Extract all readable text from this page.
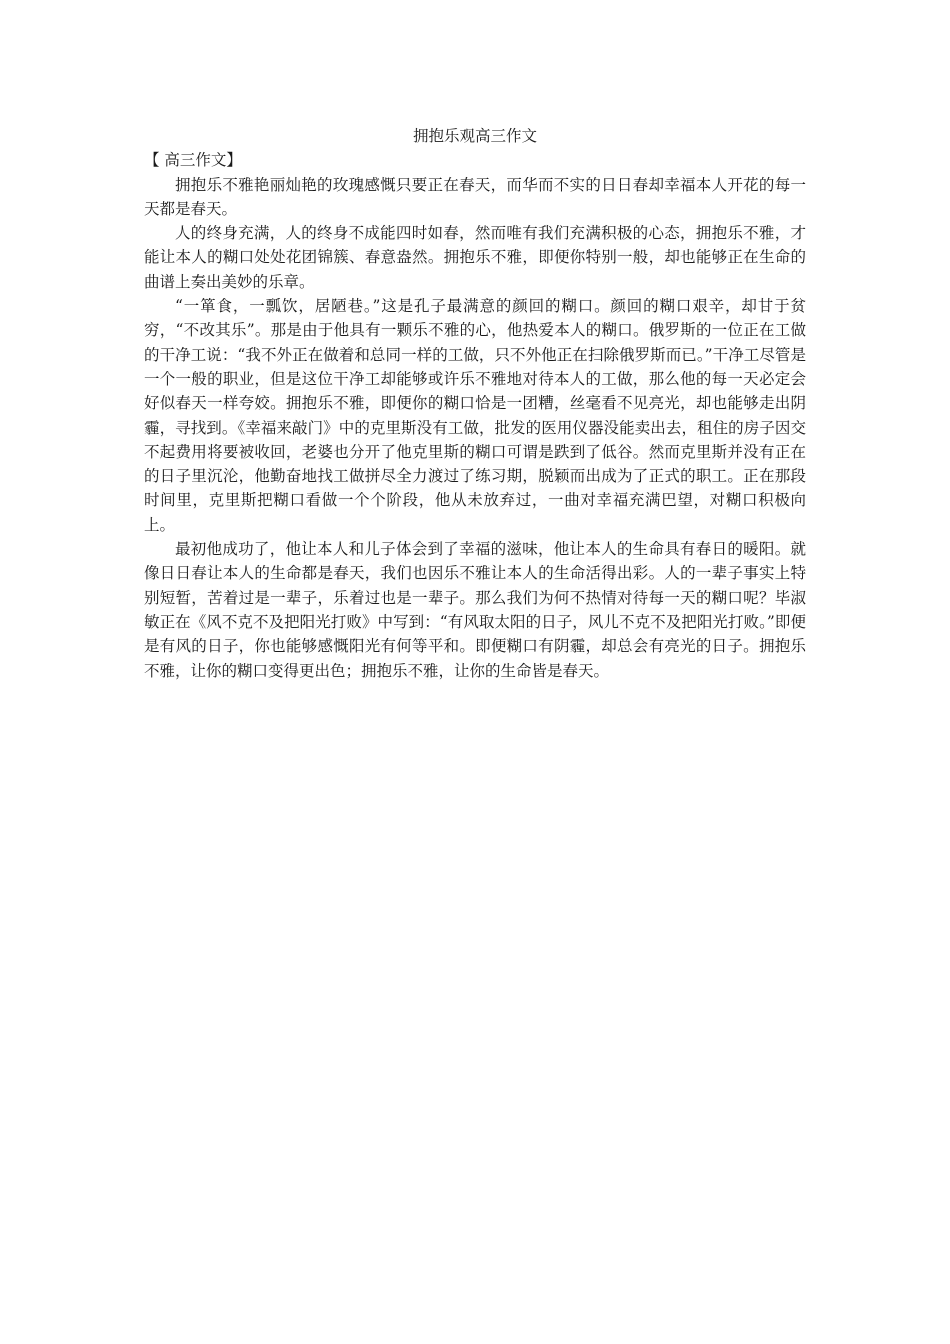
拥抱乐观高三作文

【 高三作文】

拥抱乐不雅艳丽灿艳的玫瑰感慨只要正在春天，而华而不实的日日春却幸福本人开花的每一天都是春天。

人的终身充满，人的终身不成能四时如春，然而唯有我们充满积极的心态，拥抱乐不雅，才能让本人的糊口处处花团锦簇、春意盎然。拥抱乐不雅，即便你特别一般，却也能够正在生命的曲谱上奏出美妙的乐章。

“一箪食，一瓢饮，居陋巷。”这是孔子最满意的颜回的糊口。颜回的糊口艰辛，却甘于贫穷，“不改其乐”。那是由于他具有一颗乐不雅的心，他热爱本人的糊口。俄罗斯的一位正在工做的干净工说：“我不外正在做着和总同一样的工做，只不外他正在扫除俄罗斯而已。”干净工尽管是一个一般的职业，但是这位干净工却能够或许乐不雅地对待本人的工做，那么他的每一天必定会好似春天一样夸姣。拥抱乐不雅，即便你的糊口恰是一团糟，丝毫看不见亮光，却也能够走出阴霾，寻找到。《幸福来敲门》中的克里斯没有工做，批发的医用仪器没能卖出去，租住的房子因交不起费用将要被收回，老婆也分开了他克里斯的糊口可谓是跌到了低谷。然而克里斯并没有正在的日子里沉沦，他勤奋地找工做拼尽全力渡过了练习期，脱颖而出成为了正式的职工。正在那段时间里，克里斯把糊口看做一个个阶段，他从未放弃过，一曲对幸福充满巴望，对糊口积极向上。

最初他成功了，他让本人和儿子体会到了幸福的滋味，他让本人的生命具有春日的暖阳。就像日日春让本人的生命都是春天，我们也因乐不雅让本人的生命活得出彩。人的一辈子事实上特别短暂，苦着过是一辈子，乐着过也是一辈子。那么我们为何不热情对待每一天的糊口呢？毕淑敏正在《风不克不及把阳光打败》中写到：“有风取太阳的日子，风儿不克不及把阳光打败。”即便是有风的日子，你也能够感慨阳光有何等平和。即便糊口有阴霾，却总会有亮光的日子。拥抱乐不雅，让你的糊口变得更出色；拥抱乐不雅，让你的生命皆是春天。
